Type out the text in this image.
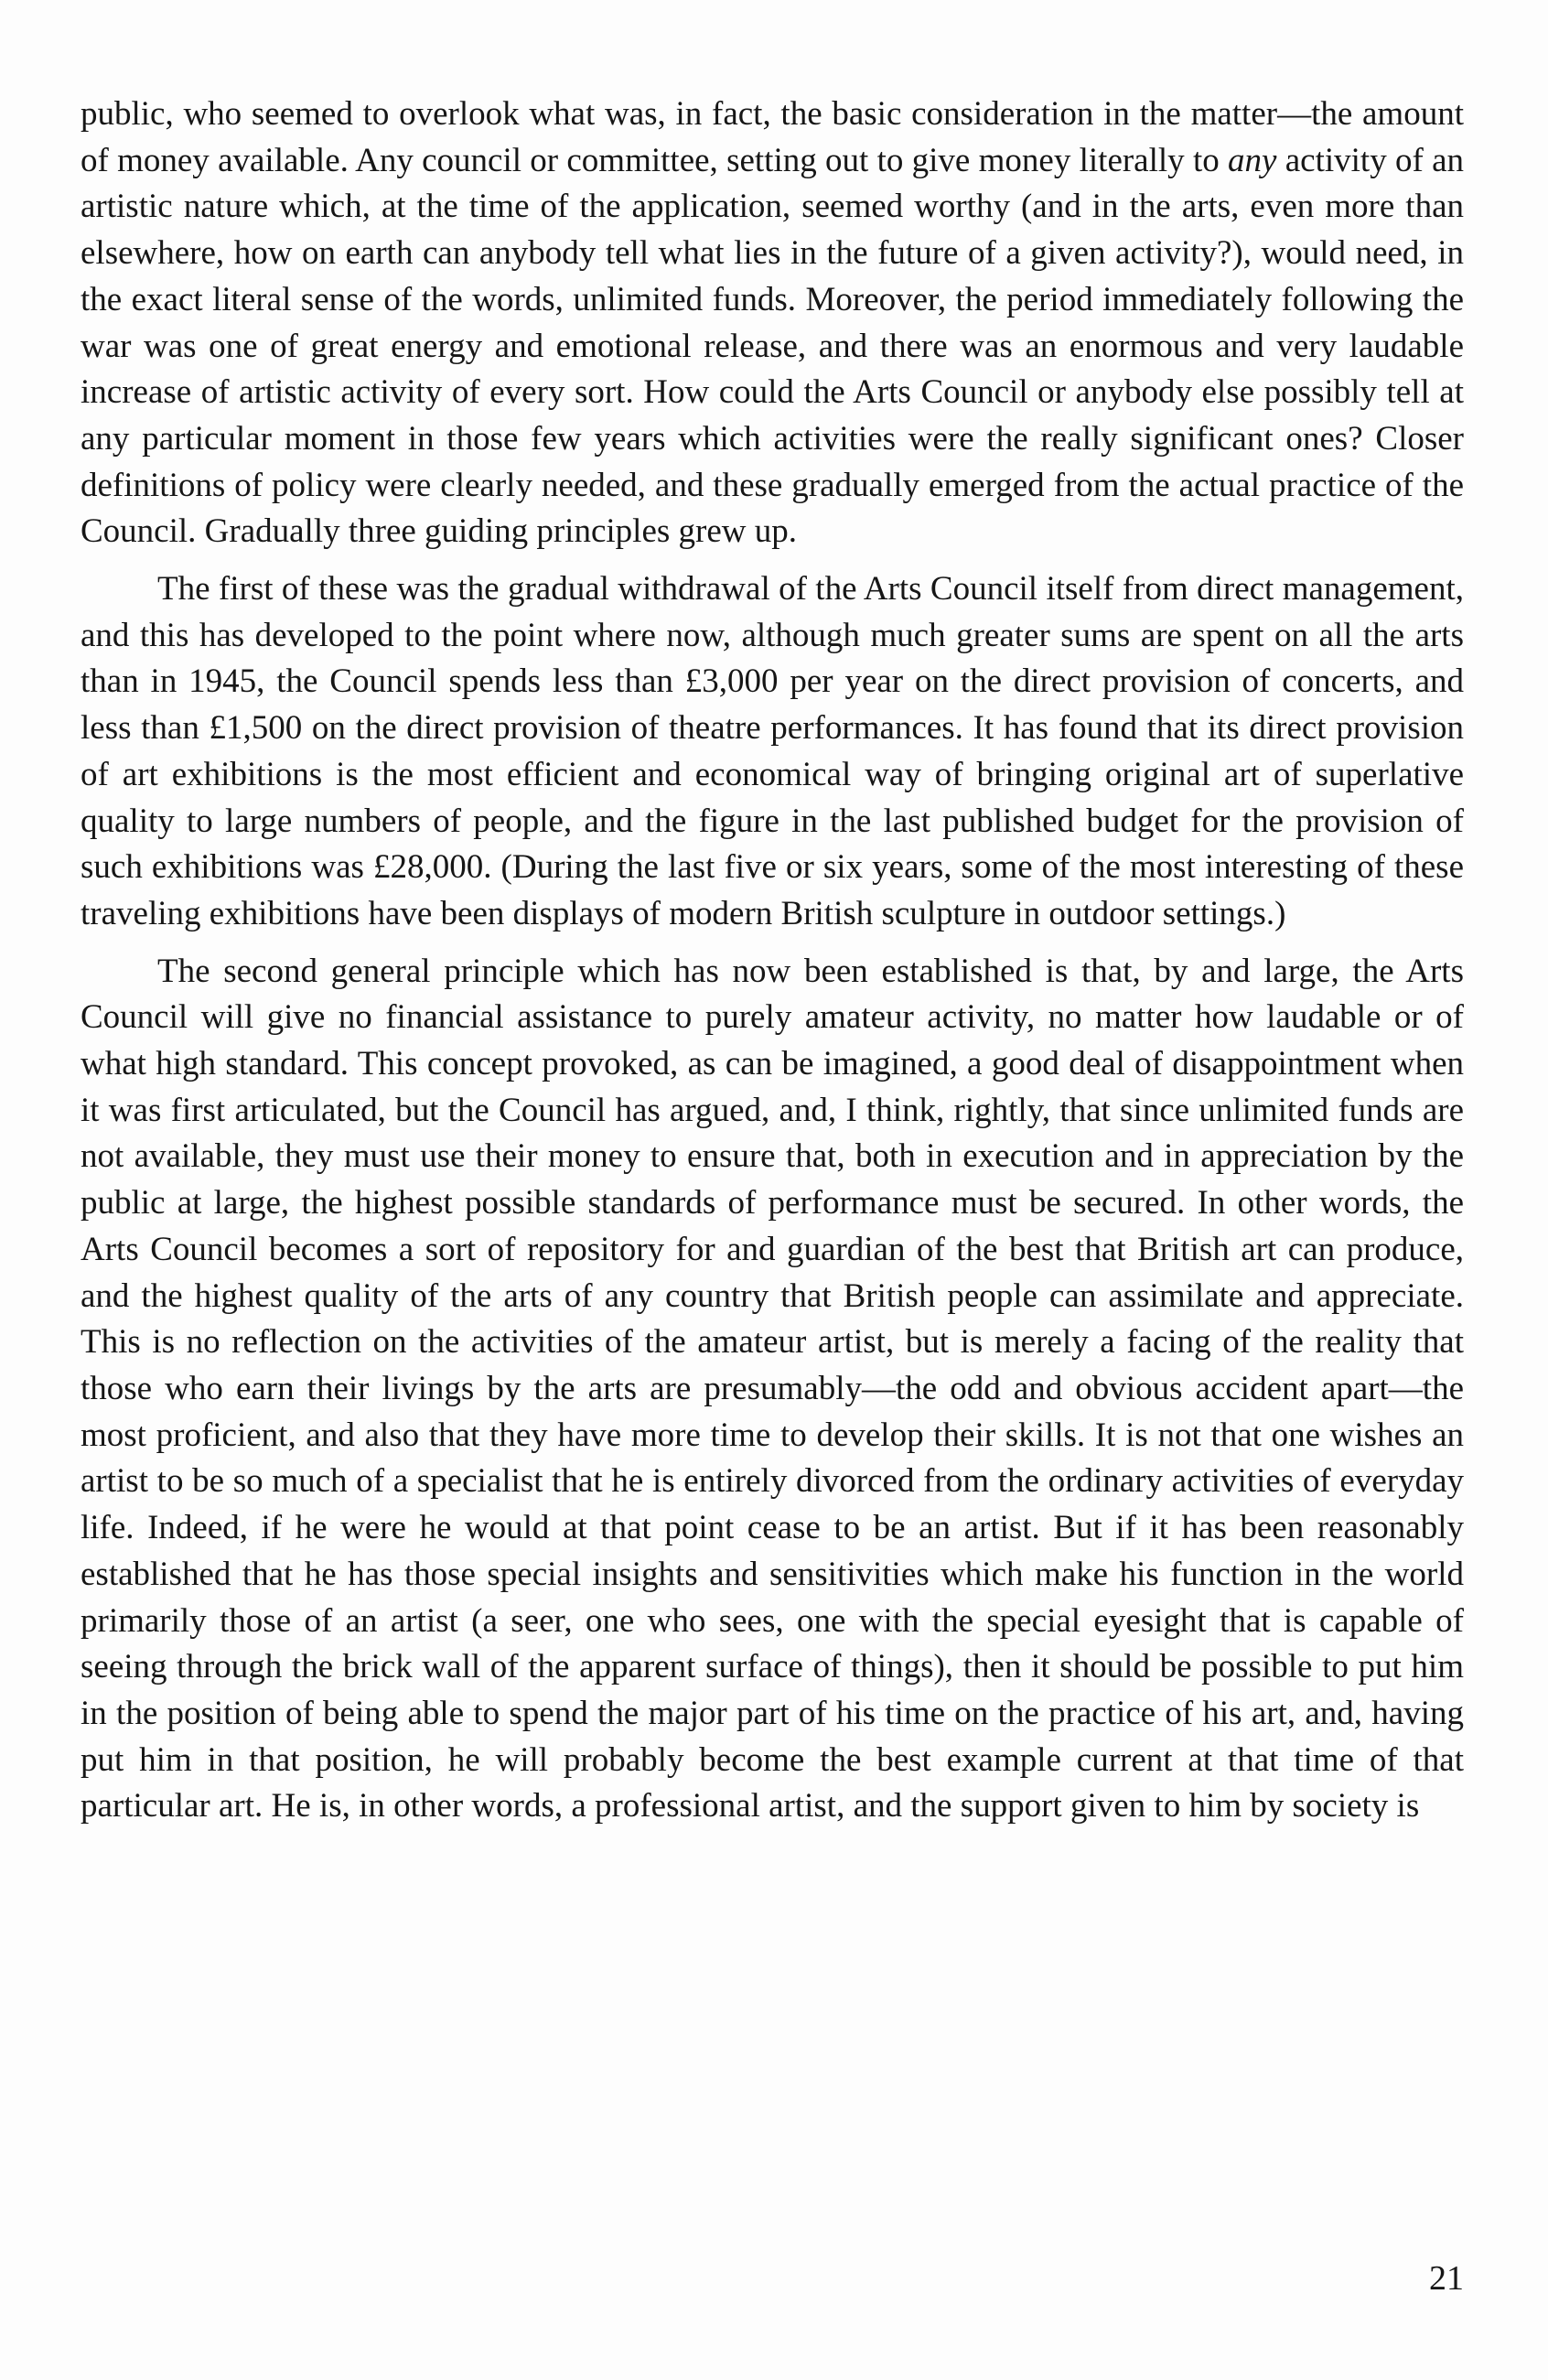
public, who seemed to overlook what was, in fact, the basic consideration in the matter—the amount of money available. Any council or committee, setting out to give money literally to any activity of an artistic nature which, at the time of the application, seemed worthy (and in the arts, even more than elsewhere, how on earth can anybody tell what lies in the future of a given activity?), would need, in the exact literal sense of the words, unlimited funds. Moreover, the period immediately following the war was one of great energy and emotional release, and there was an enormous and very laudable increase of artistic activity of every sort. How could the Arts Council or anybody else possibly tell at any particular moment in those few years which activities were the really significant ones? Closer definitions of policy were clearly needed, and these gradually emerged from the actual practice of the Council. Gradually three guiding principles grew up.

The first of these was the gradual withdrawal of the Arts Council itself from direct management, and this has developed to the point where now, although much greater sums are spent on all the arts than in 1945, the Council spends less than £3,000 per year on the direct provision of concerts, and less than £1,500 on the direct provision of theatre performances. It has found that its direct provision of art exhibitions is the most efficient and economical way of bringing original art of superlative quality to large numbers of people, and the figure in the last published budget for the provision of such exhibitions was £28,000. (During the last five or six years, some of the most interesting of these traveling exhibitions have been displays of modern British sculpture in outdoor settings.)

The second general principle which has now been established is that, by and large, the Arts Council will give no financial assistance to purely amateur activity, no matter how laudable or of what high standard. This concept provoked, as can be imagined, a good deal of disappointment when it was first articulated, but the Council has argued, and, I think, rightly, that since unlimited funds are not available, they must use their money to ensure that, both in execution and in appreciation by the public at large, the highest possible standards of performance must be secured. In other words, the Arts Council becomes a sort of repository for and guardian of the best that British art can produce, and the highest quality of the arts of any country that British people can assimilate and appreciate. This is no reflection on the activities of the amateur artist, but is merely a facing of the reality that those who earn their livings by the arts are presumably—the odd and obvious accident apart—the most proficient, and also that they have more time to develop their skills. It is not that one wishes an artist to be so much of a specialist that he is entirely divorced from the ordinary activities of everyday life. Indeed, if he were he would at that point cease to be an artist. But if it has been reasonably established that he has those special insights and sensitivities which make his function in the world primarily those of an artist (a seer, one who sees, one with the special eyesight that is capable of seeing through the brick wall of the apparent surface of things), then it should be possible to put him in the position of being able to spend the major part of his time on the practice of his art, and, having put him in that position, he will probably become the best example current at that time of that particular art. He is, in other words, a professional artist, and the support given to him by society is

21
